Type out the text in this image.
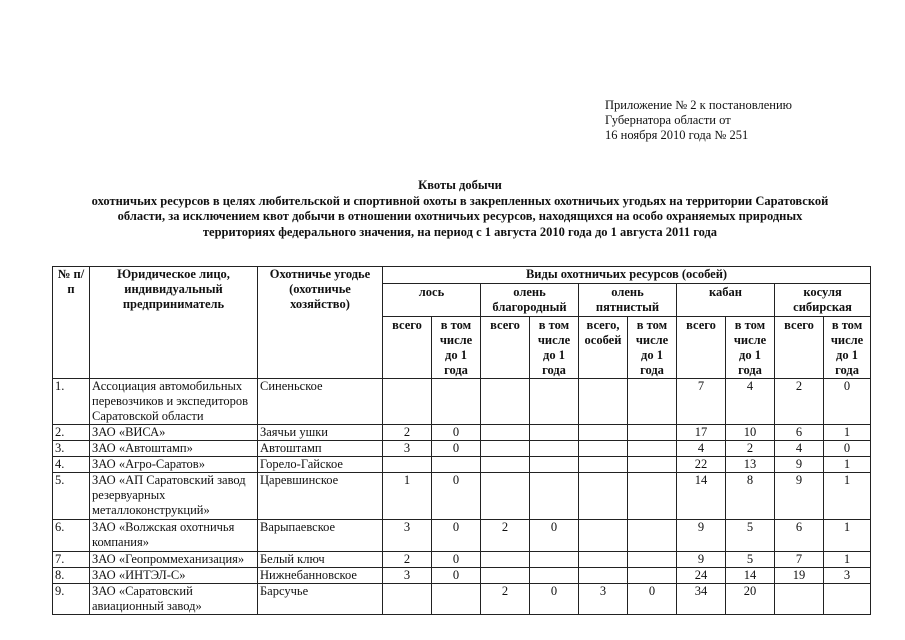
Приложение № 2 к постановлению
Губернатора области от
16 ноября 2010 года № 251
Квоты добычи
охотничьих ресурсов в целях любительской и спортивной охоты в закрепленных охотничьих угодьях на территории Саратовской
области, за исключением квот добычи в отношении охотничьих ресурсов, находящихся на особо охраняемых природных
территориях федерального значения, на период с 1 августа 2010 года до 1 августа 2011 года
№ п/п	Юридическое лицо, индивидуальный предприниматель	Охотничье угодье (охотничье хозяйство)	Виды охотничьих ресурсов (особей)									
			лось		олень благородный		олень пятнистый		кабан		косуля сибирская	
			всего	в том числе до 1 года	всего	в том числе до 1 года	всего, особей	в том числе до 1 года	всего	в том числе до 1 года	всего	в том числе до 1 года
1.	Ассоциация автомобильных перевозчиков и экспедиторов Саратовской области	Синеньское							7	4	2	0
2.	ЗАО «ВИСА»	Заячьи ушки	2	0					17	10	6	1
3.	ЗАО «Автоштамп»	Автоштамп	3	0					4	2	4	0
4.	ЗАО «Агро-Саратов»	Горело-Гайское							22	13	9	1
5.	ЗАО «АП Саратовский завод резервуарных металлоконструкций»	Царевшинское	1	0					14	8	9	1
6.	ЗАО «Волжская охотничья компания»	Варыпаевское	3	0	2	0			9	5	6	1
7.	ЗАО «Геопроммеханизация»	Белый ключ	2	0					9	5	7	1
8.	ЗАО «ИНТЭЛ-С»	Нижнебанновское	3	0					24	14	19	3
9.	ЗАО «Саратовский авиационный завод»	Барсучье			2	0	3	0	34	20		
